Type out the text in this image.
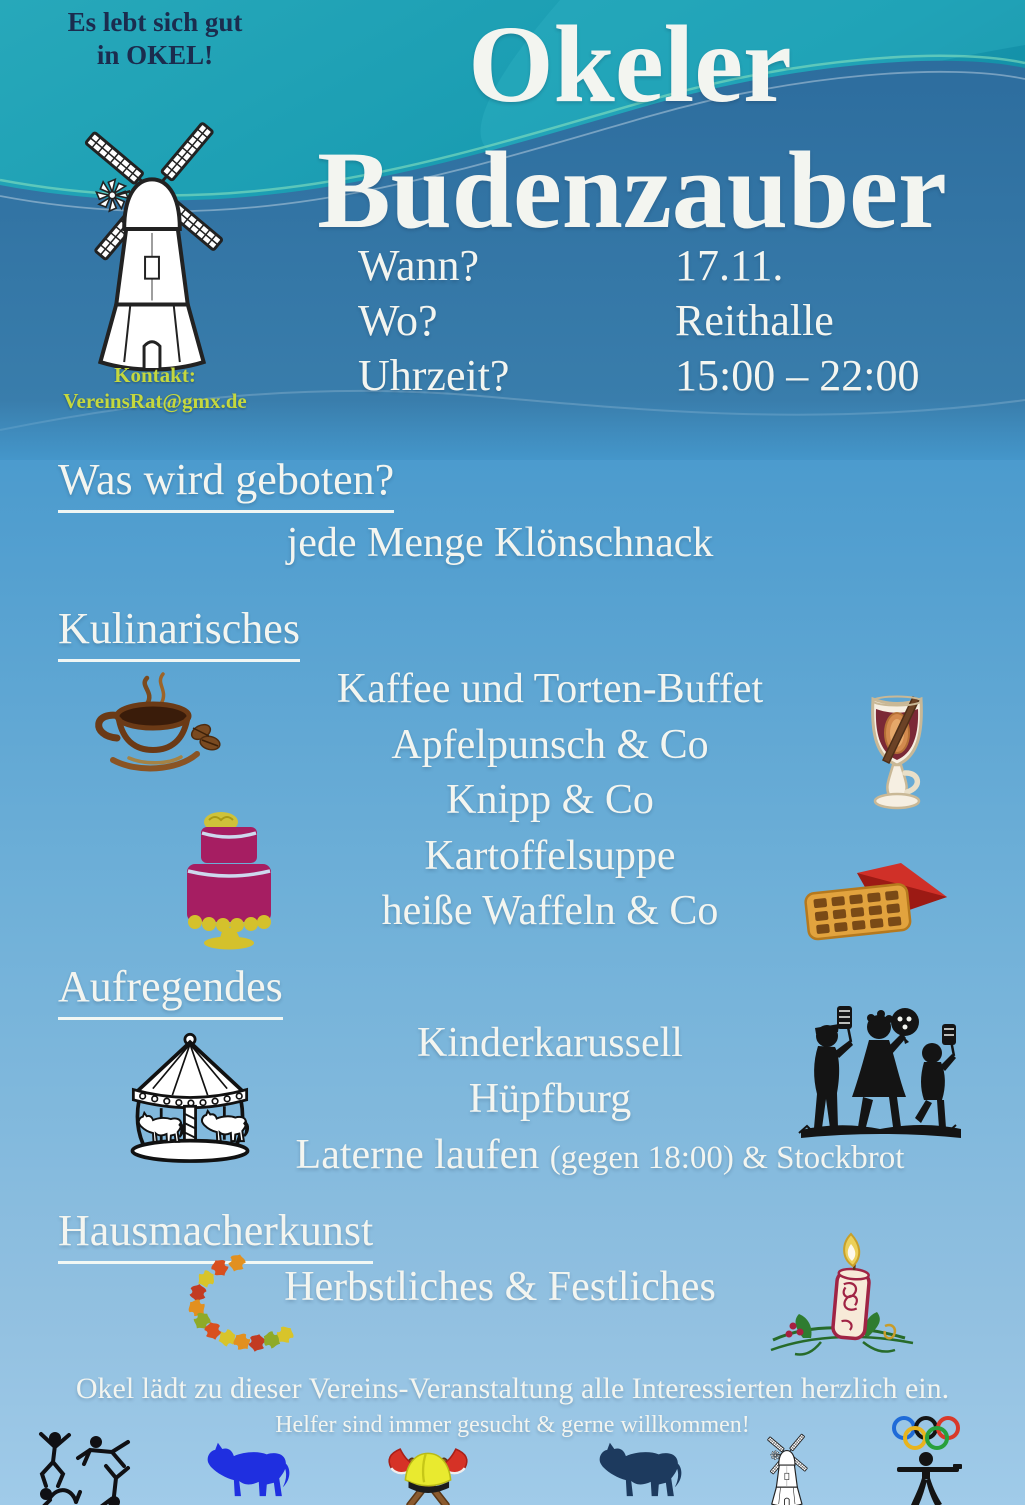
Es lebt sich gut
in OKEL!
Kontakt:
VereinsRat@gmx.de
Okeler
Budenzauber
Wann?
Wo?
Uhrzeit?
17.11.
Reithalle
15:00 – 22:00
Was wird geboten?
jede Menge Klönschnack
Kulinarisches
Kaffee und Torten-Buffet
Apfelpunsch & Co
Knipp & Co
Kartoffelsuppe
heiße Waffeln & Co
Aufregendes
Kinderkarussell
Hüpfburg
Laterne laufen (gegen 18:00) & Stockbrot
Hausmacherkunst
Herbstliches & Festliches
Okel lädt zu dieser Vereins-Veranstaltung alle Interessierten herzlich ein.
Helfer sind immer gesucht & gerne willkommen!
